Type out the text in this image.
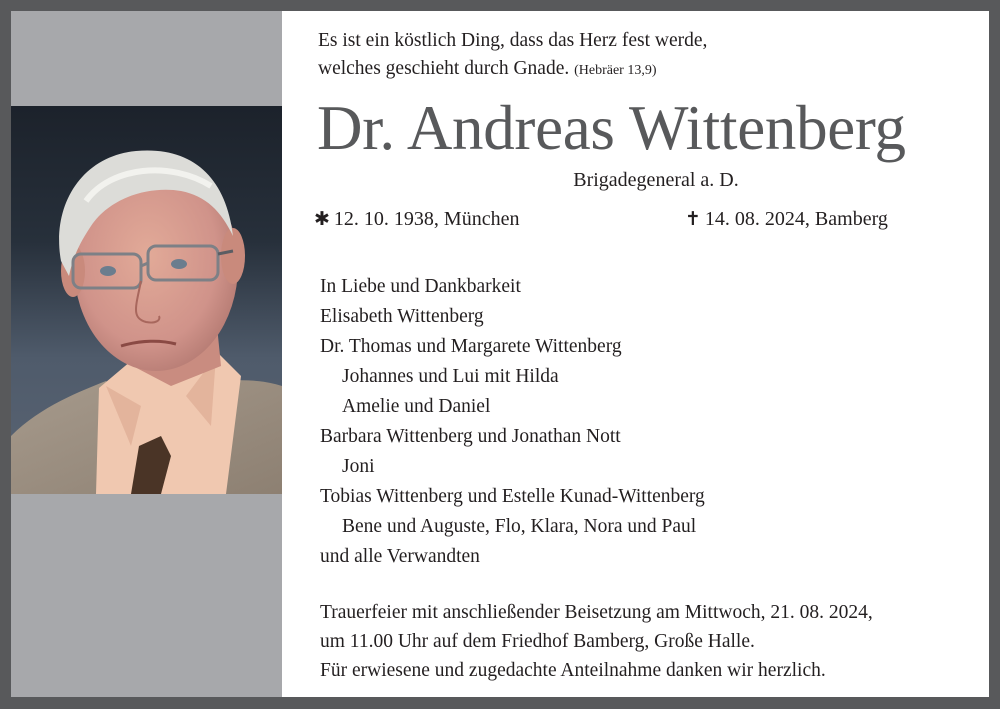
Es ist ein köstlich Ding, dass das Herz fest werde,
welches geschieht durch Gnade. (Hebräer 13,9)
Dr. Andreas Wittenberg
Brigadegeneral a. D.
✱ 12. 10. 1938, München	✝ 14. 08. 2024, Bamberg
In Liebe und Dankbarkeit
Elisabeth Wittenberg
Dr. Thomas und Margarete Wittenberg
Johannes und Lui mit Hilda
Amelie und Daniel
Barbara Wittenberg und Jonathan Nott
Joni
Tobias Wittenberg und Estelle Kunad-Wittenberg
Bene und Auguste, Flo, Klara, Nora und Paul
und alle Verwandten
Trauerfeier mit anschließender Beisetzung am Mittwoch, 21. 08. 2024,
um 11.00 Uhr auf dem Friedhof Bamberg, Große Halle.
Für erwiesene und zugedachte Anteilnahme danken wir herzlich.
